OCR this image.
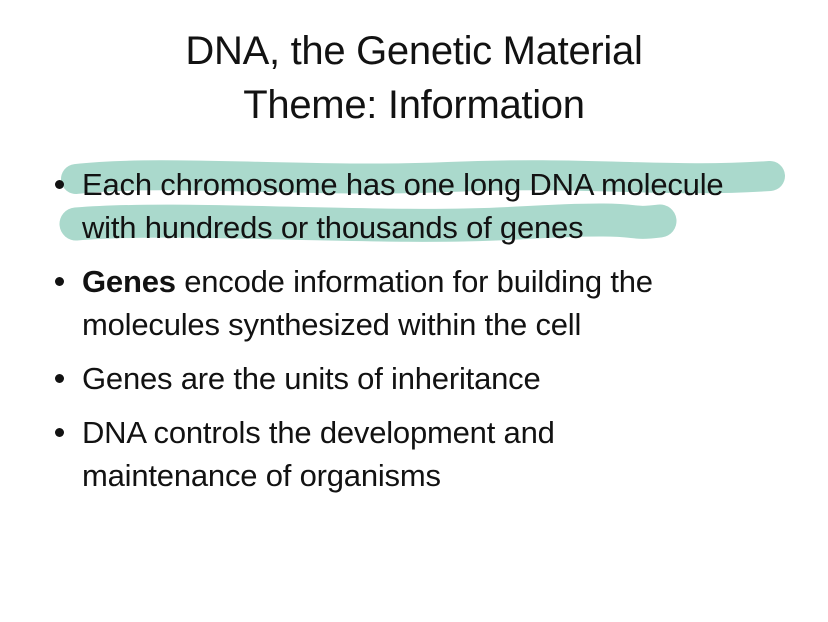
DNA, the Genetic Material
Theme: Information
Each chromosome has one long DNA molecule
with hundreds or thousands of genes
Genes encode information for building the
molecules synthesized within the cell
Genes are the units of inheritance
DNA controls the development and
maintenance of organisms
